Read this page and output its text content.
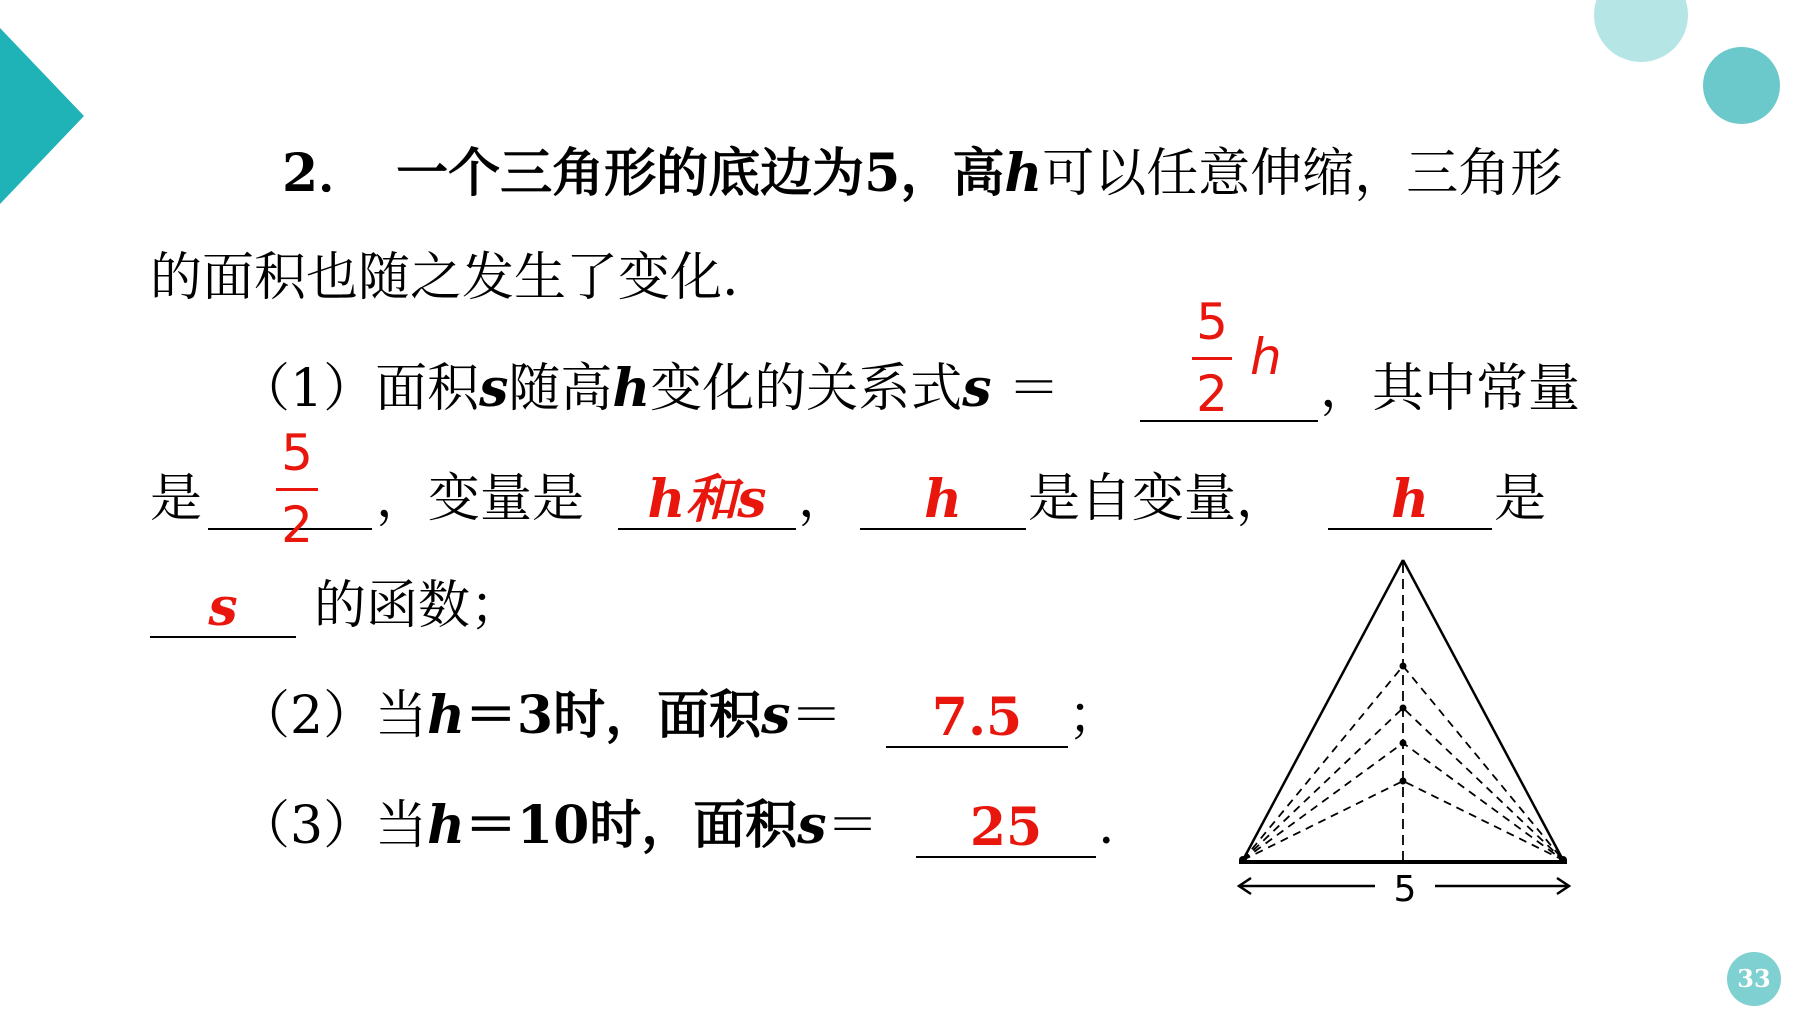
2．　一个三角形的底边为5，高h可以任意伸缩，三角形
的面积也随之发生了变化.
（1）面积s随高h变化的关系式s ＝
5
2
h
，其中常量
是
5
2 ，变量是	h和s ，	h	是自变量，	h	是
s	的函数；
（2）当h＝3时，面积s＝	7.5 ；
（3）当h＝10时，面积s＝	25	.
5
33
